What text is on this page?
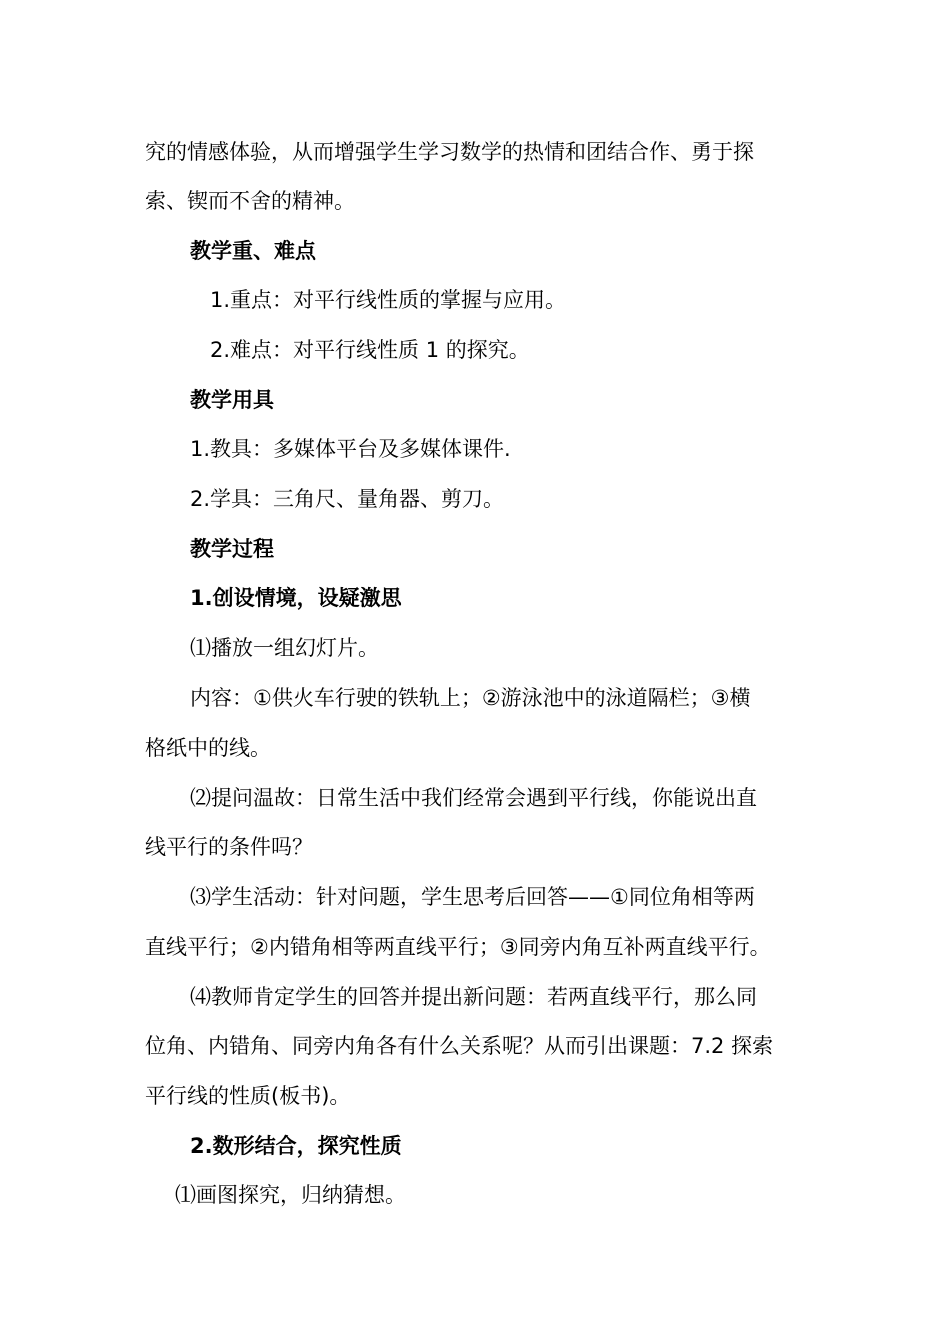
究的情感体验，从而增强学生学习数学的热情和团结合作、勇于探
索、锲而不舍的精神。
教学重、难点
1.重点：对平行线性质的掌握与应用。
2.难点：对平行线性质 1 的探究。
教学用具
1.教具：多媒体平台及多媒体课件.
2.学具：三角尺、量角器、剪刀。
教学过程
1.创设情境，设疑激思
⑴播放一组幻灯片。
内容：①供火车行驶的铁轨上；②游泳池中的泳道隔栏；③横
格纸中的线。
⑵提问温故：日常生活中我们经常会遇到平行线，你能说出直
线平行的条件吗？
⑶学生活动：针对问题，学生思考后回答——①同位角相等两
直线平行；②内错角相等两直线平行；③同旁内角互补两直线平行。
⑷教师肯定学生的回答并提出新问题：若两直线平行，那么同
位角、内错角、同旁内角各有什么关系呢？从而引出课题：7.2 探索
平行线的性质(板书)。
2.数形结合，探究性质
⑴画图探究，归纳猜想。
